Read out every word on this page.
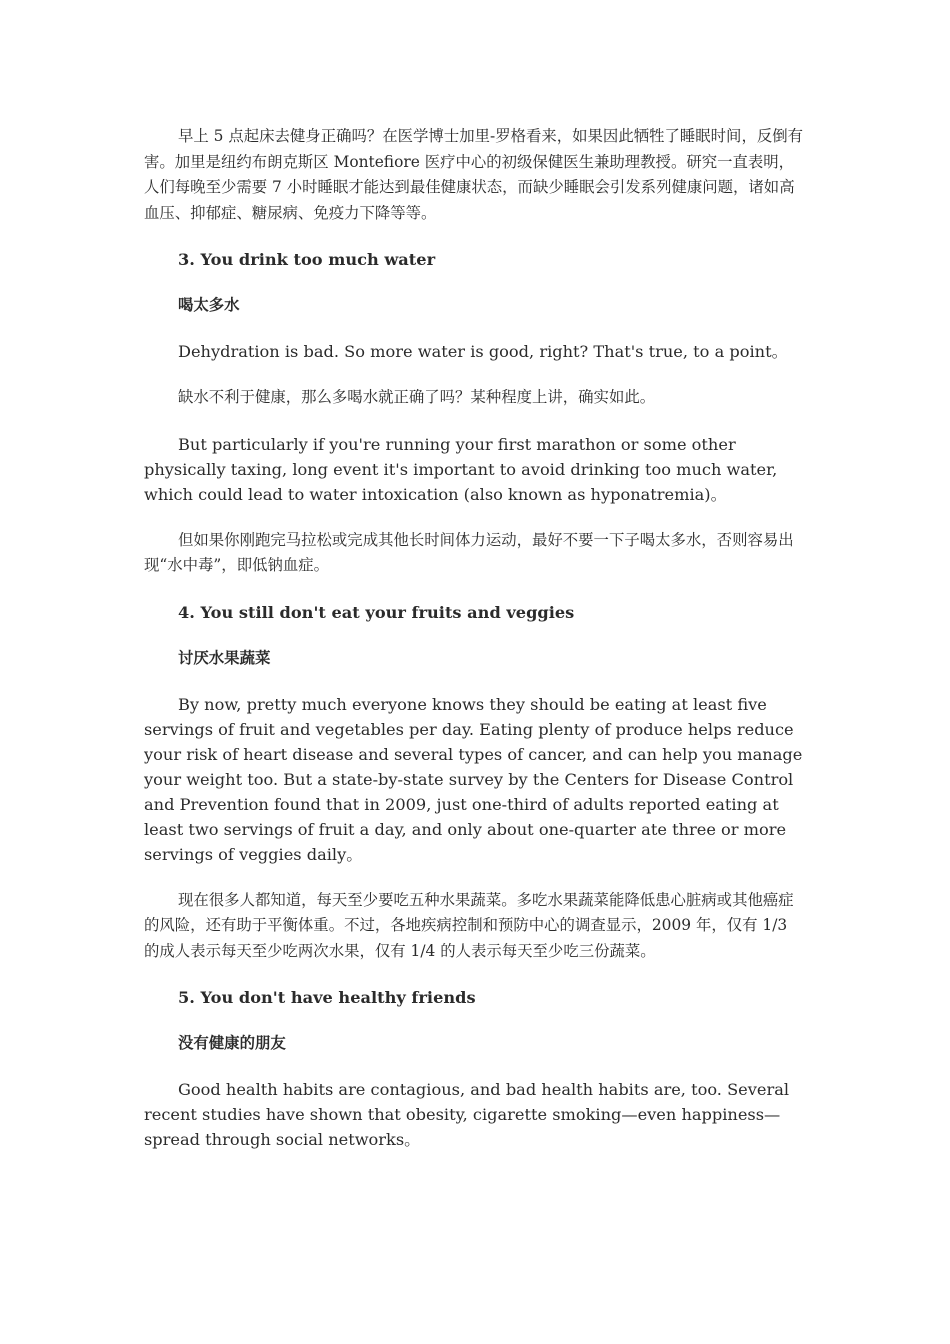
早上 5 点起床去健身正确吗？在医学博士加里-罗格看来，如果因此牺牲了睡眠时间，反倒有害。加里是纽约布朗克斯区 Montefiore 医疗中心的初级保健医生兼助理教授。研究一直表明，人们每晚至少需要 7 小时睡眠才能达到最佳健康状态，而缺少睡眠会引发系列健康问题，诸如高血压、抑郁症、糖尿病、免疫力下降等等。

3. You drink too much water

喝太多水

Dehydration is bad. So more water is good, right? That's true, to a point。

缺水不利于健康，那么多喝水就正确了吗？某种程度上讲，确实如此。

But particularly if you're running your first marathon or some other physically taxing, long event it's important to avoid drinking too much water, which could lead to water intoxication (also known as hyponatremia)。

但如果你刚跑完马拉松或完成其他长时间体力运动，最好不要一下子喝太多水，否则容易出现“水中毒”，即低钠血症。

4. You still don't eat your fruits and veggies

讨厌水果蔬菜

By now, pretty much everyone knows they should be eating at least five servings of fruit and vegetables per day. Eating plenty of produce helps reduce your risk of heart disease and several types of cancer, and can help you manage your weight too. But a state-by-state survey by the Centers for Disease Control and Prevention found that in 2009, just one-third of adults reported eating at least two servings of fruit a day, and only about one-quarter ate three or more servings of veggies daily。

现在很多人都知道，每天至少要吃五种水果蔬菜。多吃水果蔬菜能降低患心脏病或其他癌症的风险，还有助于平衡体重。不过，各地疾病控制和预防中心的调查显示，2009 年，仅有 1/3 的成人表示每天至少吃两次水果，仅有 1/4 的人表示每天至少吃三份蔬菜。

5. You don't have healthy friends

没有健康的朋友

Good health habits are contagious, and bad health habits are, too. Several recent studies have shown that obesity, cigarette smoking—even happiness—spread through social networks。
